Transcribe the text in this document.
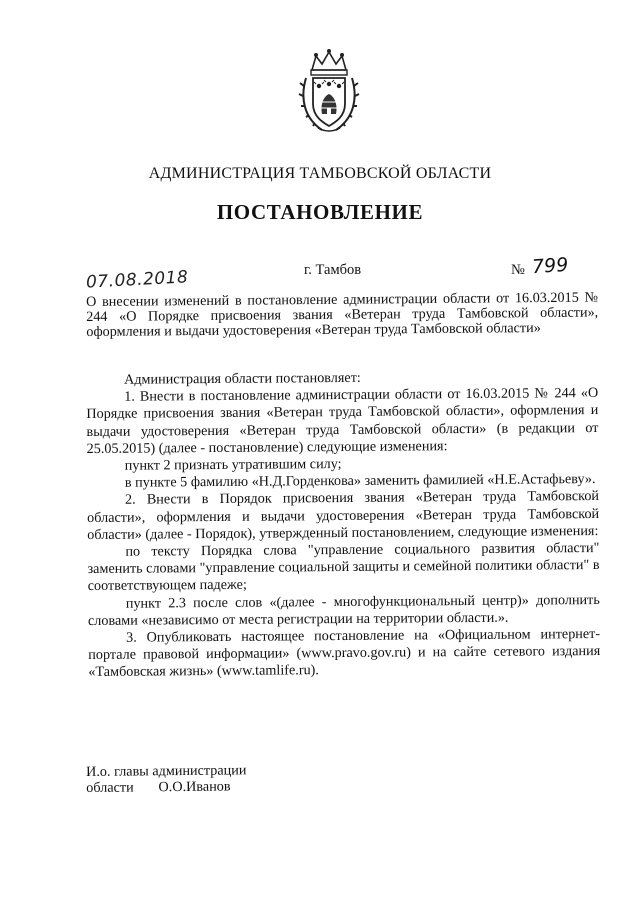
АДМИНИСТРАЦИЯ ТАМБОВСКОЙ ОБЛАСТИ
ПОСТАНОВЛЕНИЕ
07.08.2018	г. Тамбов	№ 799
О внесении изменений в постановление администрации области от 16.03.2015 № 244 «О Порядке присвоения звания «Ветеран труда Тамбовской области», оформления и выдачи удостоверения «Ветеран труда Тамбовской области»

Администрация области постановляет:

1. Внести в постановление администрации области от 16.03.2015 № 244 «О Порядке присвоения звания «Ветеран труда Тамбовской области», оформления и выдачи удостоверения «Ветеран труда Тамбовской области» (в редакции от 25.05.2015) (далее - постановление) следующие изменения:

пункт 2 признать утратившим силу;

в пункте 5 фамилию «Н.Д.Горденкова» заменить фамилией «Н.Е.Астафьеву».

2. Внести в Порядок присвоения звания «Ветеран труда Тамбовской области», оформления и выдачи удостоверения «Ветеран труда Тамбовской области» (далее - Порядок), утвержденный постановлением, следующие изменения:

по тексту Порядка слова "управление социального развития области" заменить словами "управление социальной защиты и семейной политики области" в соответствующем падеже;

пункт 2.3 после слов «(далее - многофункциональный центр)» дополнить словами «независимо от места регистрации на территории области.».

3. Опубликовать настоящее постановление на «Официальном интернет-портале правовой информации» (www.pravo.gov.ru) и на сайте сетевого издания «Тамбовская жизнь» (www.tamlife.ru).

И.о. главы администрации
области О.О.Иванов
